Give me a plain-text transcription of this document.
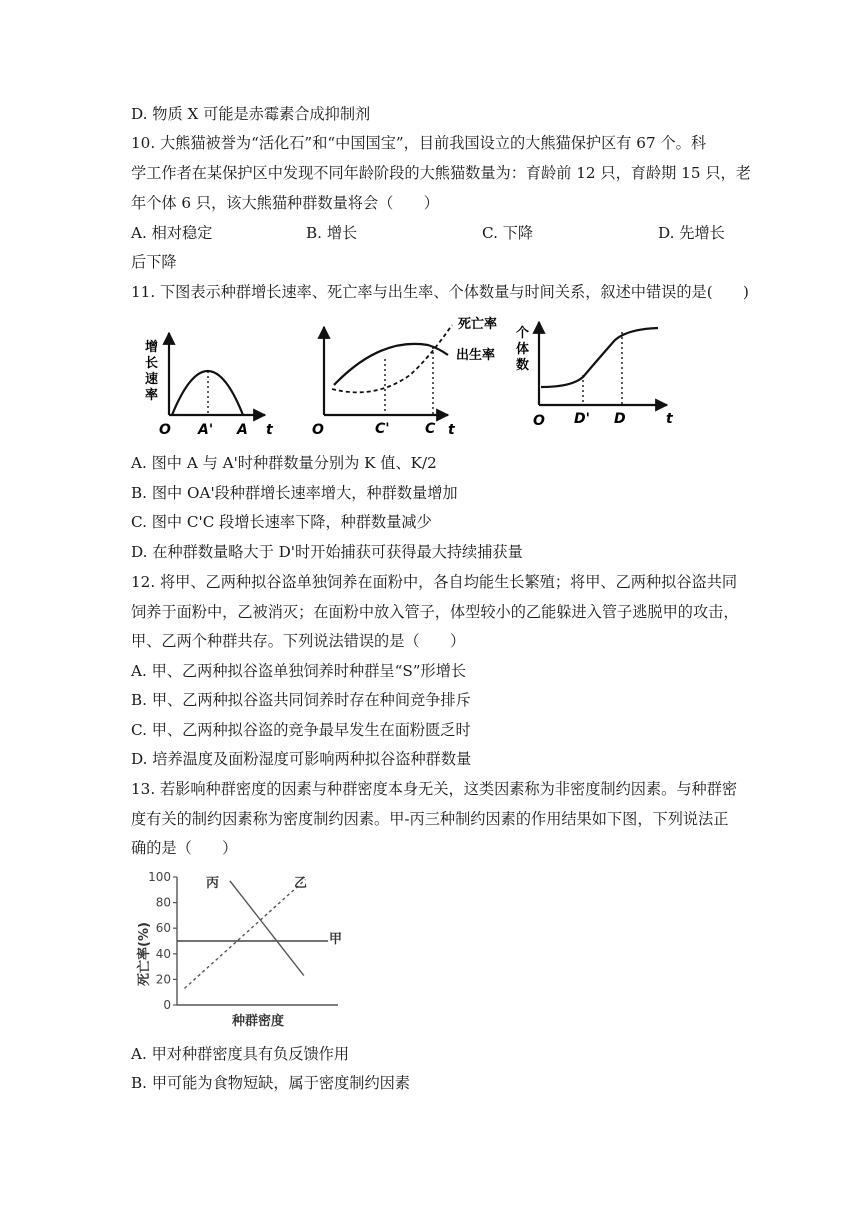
D. 物质 X 可能是赤霉素合成抑制剂
10. 大熊猫被誉为“活化石”和“中国国宝”，目前我国设立的大熊猫保护区有 67 个。科
学工作者在某保护区中发现不同年龄阶段的大熊猫数量为：育龄前 12 只，育龄期 15 只，老
年个体 6 只，该大熊猫种群数量将会（　　）
A. 相对稳定	B. 增长	C. 下降	D. 先增长
后下降
11. 下图表示种群增长速率、死亡率与出生率、个体数量与时间关系，叙述中错误的是(　　)
增
长
速
率
O A' A t
死亡率
出生率
O	C'	C t
个
体
数
O D' D	t
A. 图中 A 与 A'时种群数量分别为 K 值、K/2
B. 图中 OA'段种群增长速率增大，种群数量增加
C. 图中 C'C 段增长速率下降，种群数量减少
D. 在种群数量略大于 D'时开始捕获可获得最大持续捕获量
12. 将甲、乙两种拟谷盗单独饲养在面粉中，各自均能生长繁殖；将甲、乙两种拟谷盗共同
饲养于面粉中，乙被消灭；在面粉中放入管子，体型较小的乙能躲进入管子逃脱甲的攻击，
甲、乙两个种群共存。下列说法错误的是（　　）
A. 甲、乙两种拟谷盗单独饲养时种群呈“S”形增长
B. 甲、乙两种拟谷盗共同饲养时存在种间竞争排斥
C. 甲、乙两种拟谷盗的竞争最早发生在面粉匮乏时
D. 培养温度及面粉湿度可影响两种拟谷盗种群数量
13. 若影响种群密度的因素与种群密度本身无关，这类因素称为非密度制约因素。与种群密
度有关的制约因素称为密度制约因素。甲-丙三种制约因素的作用结果如下图，下列说法正
确的是（　　）
0
20
40
60
80
100
死亡率(%)
种群密度
丙	乙
甲
A. 甲对种群密度具有负反馈作用
B. 甲可能为食物短缺，属于密度制约因素
